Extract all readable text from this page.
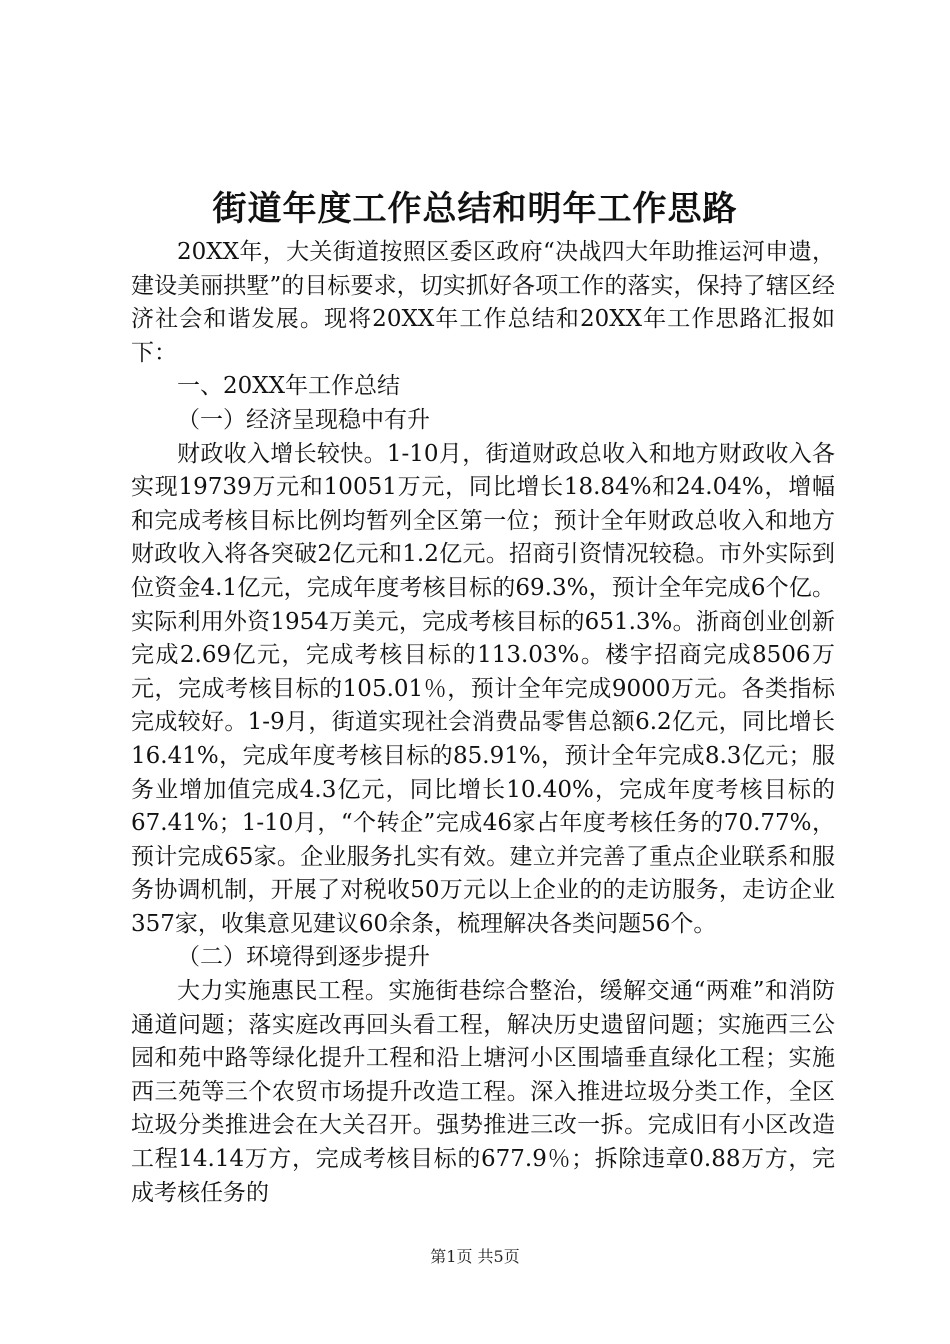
街道年度工作总结和明年工作思路

20XX年，大关街道按照区委区政府“决战四大年助推运河申遗，建设美丽拱墅”的目标要求，切实抓好各项工作的落实，保持了辖区经济社会和谐发展。现将20XX年工作总结和20XX年工作思路汇报如下：

一、20XX年工作总结

（一）经济呈现稳中有升

财政收入增长较快。1-10月，街道财政总收入和地方财政收入各实现19739万元和10051万元，同比增长18.84%和24.04%，增幅和完成考核目标比例均暂列全区第一位；预计全年财政总收入和地方财政收入将各突破2亿元和1.2亿元。招商引资情况较稳。市外实际到位资金4.1亿元，完成年度考核目标的69.3%，预计全年完成6个亿。实际利用外资1954万美元，完成考核目标的651.3%。浙商创业创新完成2.69亿元，完成考核目标的113.03%。楼宇招商完成8506万元，完成考核目标的105.01％，预计全年完成9000万元。各类指标完成较好。1-9月，街道实现社会消费品零售总额6.2亿元，同比增长16.41%，完成年度考核目标的85.91%，预计全年完成8.3亿元；服务业增加值完成4.3亿元，同比增长10.40%，完成年度考核目标的67.41%；1-10月，“个转企”完成46家占年度考核任务的70.77%，预计完成65家。企业服务扎实有效。建立并完善了重点企业联系和服务协调机制，开展了对税收50万元以上企业的的走访服务，走访企业357家，收集意见建议60余条，梳理解决各类问题56个。

（二）环境得到逐步提升

大力实施惠民工程。实施街巷综合整治，缓解交通“两难”和消防通道问题；落实庭改再回头看工程，解决历史遗留问题；实施西三公园和苑中路等绿化提升工程和沿上塘河小区围墙垂直绿化工程；实施西三苑等三个农贸市场提升改造工程。深入推进垃圾分类工作，全区垃圾分类推进会在大关召开。强势推进三改一拆。完成旧有小区改造工程14.14万方，完成考核目标的677.9％；拆除违章0.88万方，完成考核任务的

第1页 共5页
